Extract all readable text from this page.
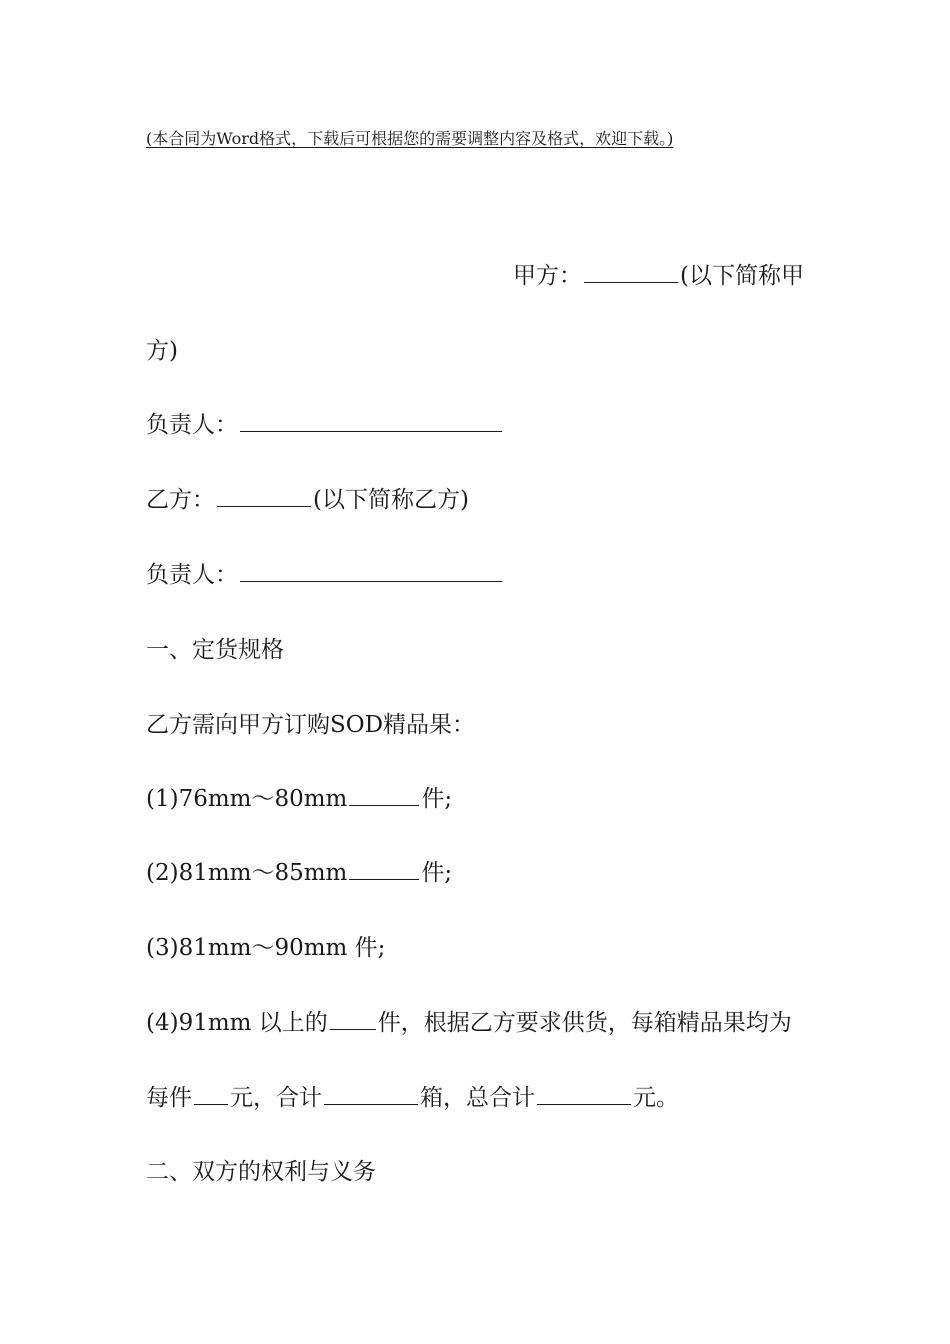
(本合同为Word格式，下载后可根据您的需要调整内容及格式，欢迎下载。)
甲方：	(以下简称甲
方)
负责人：
乙方：	(以下简称乙方)
负责人：
一、定货规格
乙方需向甲方订购SOD精品果：
(1)76mm～80mm	件;
(2)81mm～85mm	件;
(3)81mm～90mm 件;
(4)91mm 以上的 件，根据乙方要求供货，每箱精品果均为
每件 元，合计	箱，总合计	元。
二、双方的权利与义务
